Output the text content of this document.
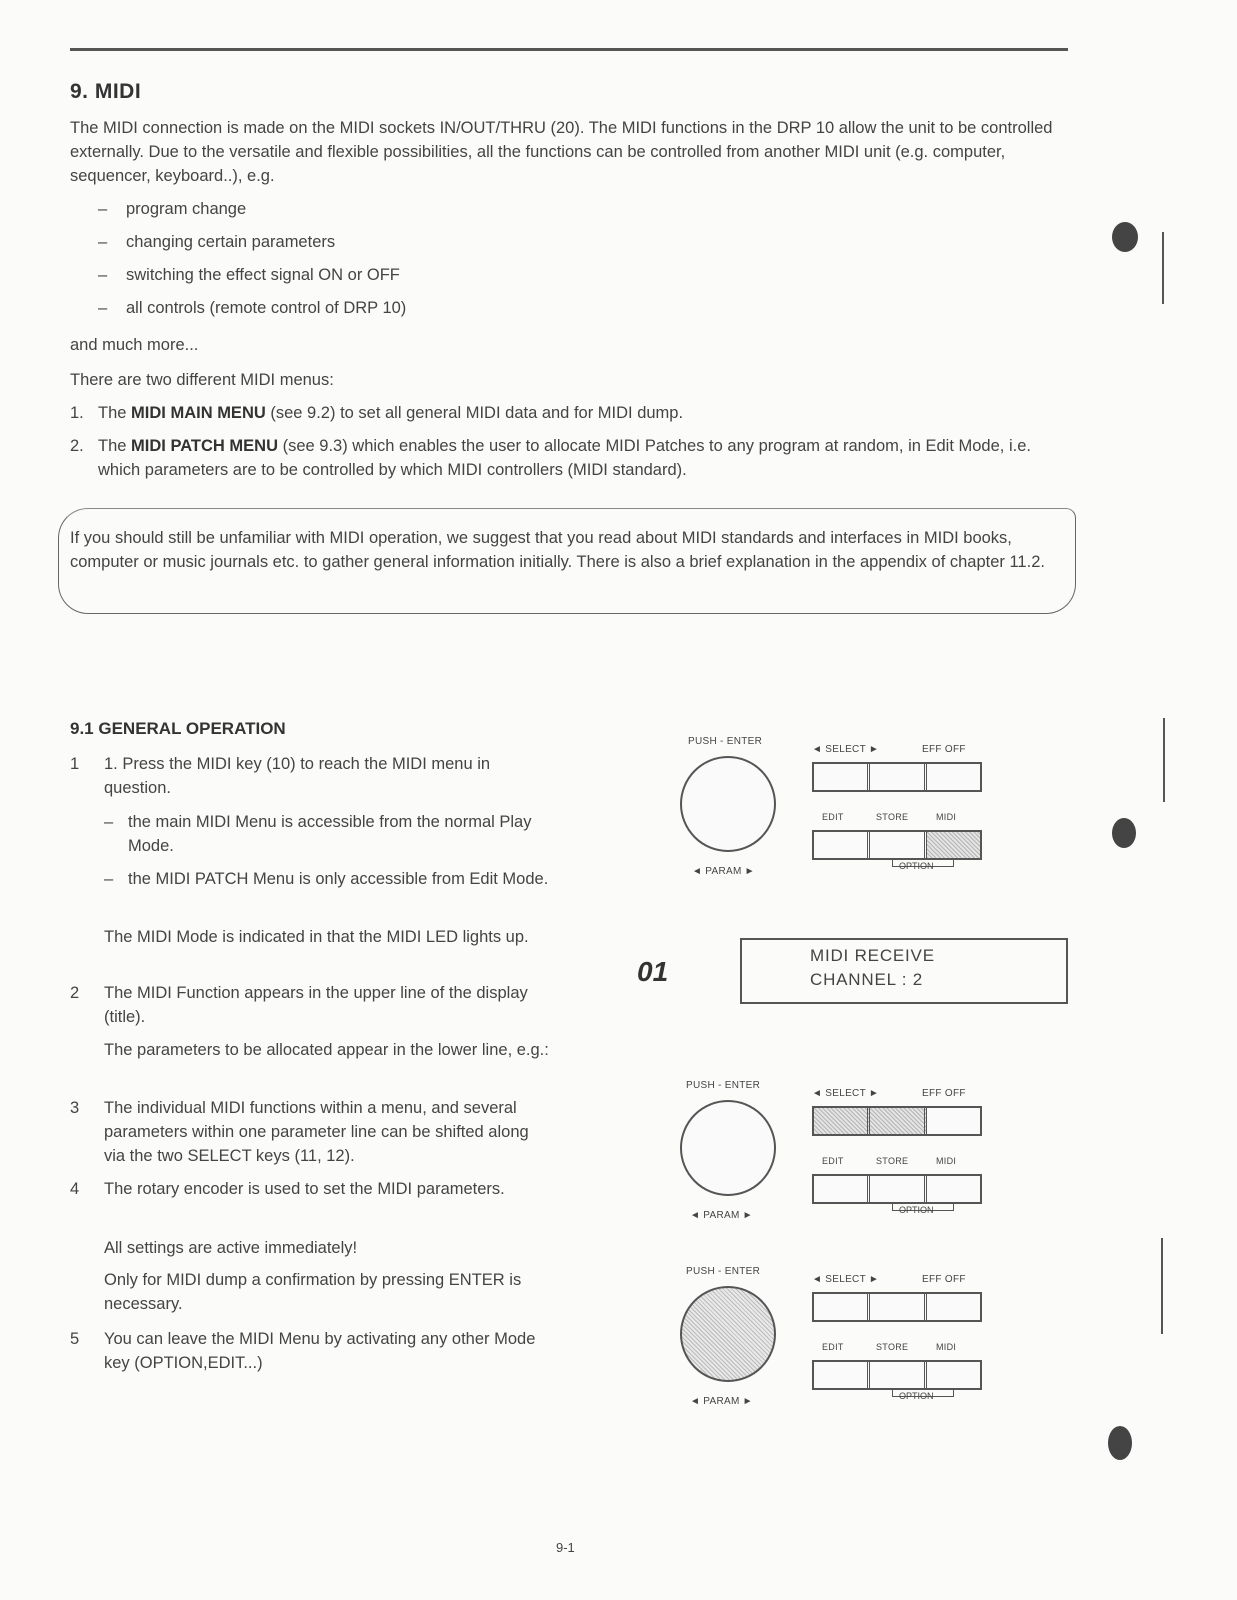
9. MIDI
The MIDI connection is made on the MIDI sockets IN/OUT/THRU (20). The MIDI functions in the DRP 10 allow the unit to be controlled externally. Due to the versatile and flexible possibilities, all the functions can be controlled from another MIDI unit (e.g. computer, sequencer, keyboard..), e.g.
– program change
– changing certain parameters
– switching the effect signal ON or OFF
– all controls (remote control of DRP 10)
and much more...
There are two different MIDI menus:
1. The MIDI MAIN MENU (see 9.2) to set all general MIDI data and for MIDI dump.
2. The MIDI PATCH MENU (see 9.3) which enables the user to allocate MIDI Patches to any program at random, in Edit Mode, i.e. which parameters are to be controlled by which MIDI controllers (MIDI standard).
If you should still be unfamiliar with MIDI operation, we suggest that you read about MIDI standards and interfaces in MIDI books, computer or music journals etc. to gather general information initially. There is also a brief explanation in the appendix of chapter 11.2.
9.1 GENERAL OPERATION
1 1. Press the MIDI key (10) to reach the MIDI menu in question.
– the main MIDI Menu is accessible from the normal Play Mode.
– the MIDI PATCH Menu is only accessible from Edit Mode.
The MIDI Mode is indicated in that the MIDI LED lights up.
2 The MIDI Function appears in the upper line of the display (title).
The parameters to be allocated appear in the lower line, e.g.:
3 The individual MIDI functions within a menu, and several parameters within one parameter line can be shifted along via the two SELECT keys (11, 12).
4 The rotary encoder is used to set the MIDI parameters.
All settings are active immediately!
Only for MIDI dump a confirmation by pressing ENTER is necessary.
5 You can leave the MIDI Menu by activating any other Mode key (OPTION,EDIT...)
PUSH - ENTER
◄ PARAM ►
◄ SELECT ►	EFF OFF
EDIT	STORE	MIDI
OPTION
01
MIDI RECEIVE
CHANNEL : 2
PUSH - ENTER
◄ PARAM ►
◄ SELECT ►	EFF OFF
EDIT	STORE	MIDI
OPTION
PUSH - ENTER
◄ PARAM ►
◄ SELECT ►	EFF OFF
EDIT	STORE	MIDI
OPTION
9-1
